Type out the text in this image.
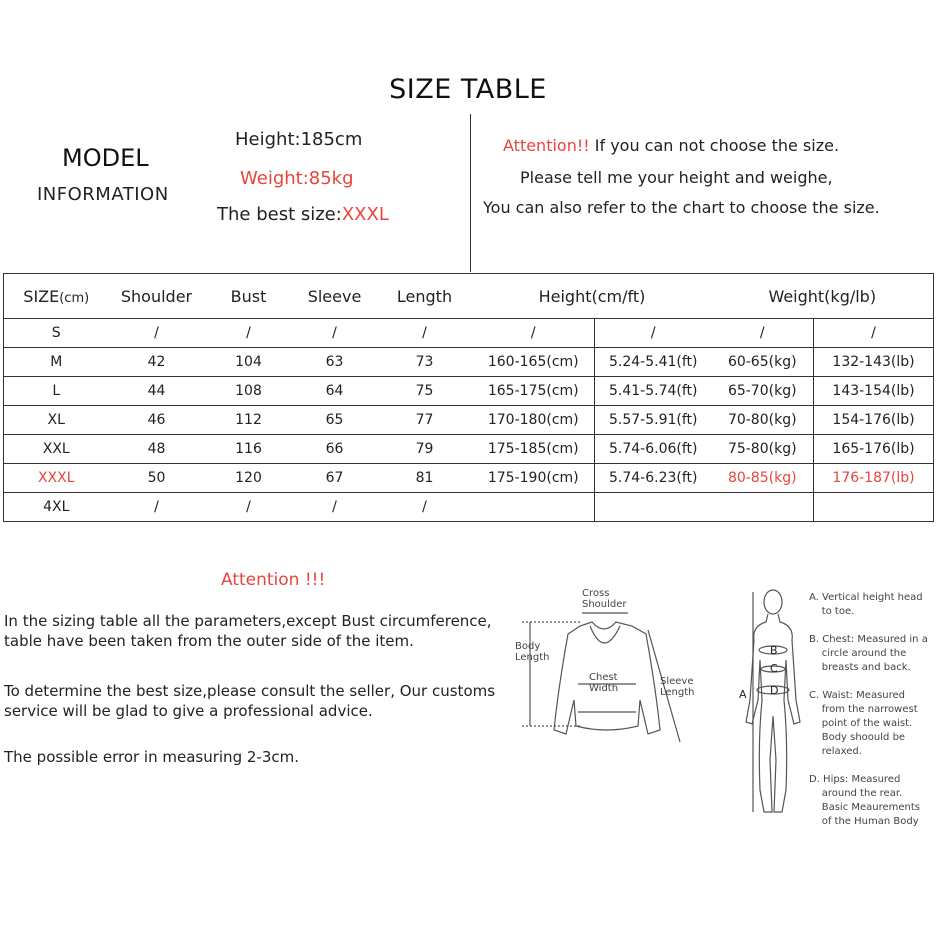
SIZE TABLE
MODEL
INFORMATION
Height:185cm
Weight:85kg
The best size:XXXL
Attention!! If you can not choose the size.
Please tell me your height and weighe,
You can also refer to the chart to choose the size.
SIZE(cm)	Shoulder	Bust	Sleeve	Length	Height(cm/ft)		Weight(kg/lb)	
S	/	/	/	/	/	/	/	/
M	42	104	63	73	160-165(cm)	5.24-5.41(ft)	60-65(kg)	132-143(lb)
L	44	108	64	75	165-175(cm)	5.41-5.74(ft)	65-70(kg)	143-154(lb)
XL	46	112	65	77	170-180(cm)	5.57-5.91(ft)	70-80(kg)	154-176(lb)
XXL	48	116	66	79	175-185(cm)	5.74-6.06(ft)	75-80(kg)	165-176(lb)
XXXL	50	120	67	81	175-190(cm)	5.74-6.23(ft)	80-85(kg)	176-187(lb)
4XL	/	/	/	/				
Attention !!!
In the sizing table all the parameters,except Bust circumference,
table have been taken from the outer side of the item.
To determine the best size,please consult the seller, Our customs
service will be glad to give a professional advice.
The possible error in measuring 2-3cm.
Cross
Shoulder
Body
Length
Chest
Width
Sleeve
Length	A
B
C
D
A. Vertical height head
to toe.
B. Chest: Measured in a
circle around the
breasts and back.
C. Waist: Measured
from the narrowest
point of the waist.
Body shoould be
relaxed.
D. Hips: Measured
around the rear.
Basic Meaurements
of the Human Body
